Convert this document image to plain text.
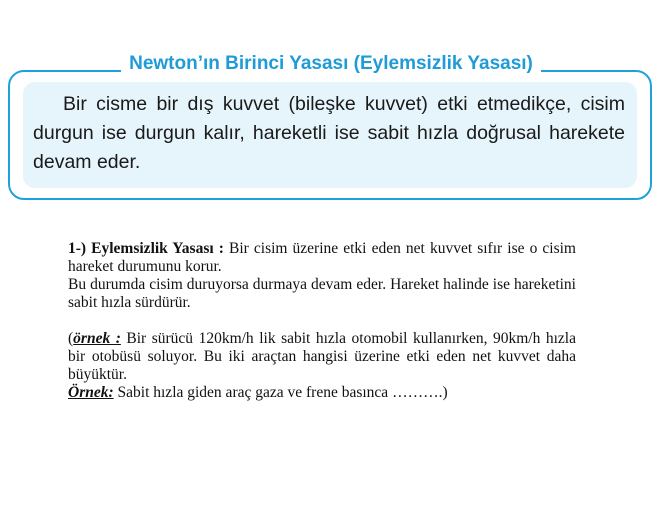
Newton’ın Birinci Yasası (Eylemsizlik Yasası)

Bir cisme bir dış kuvvet (bileşke kuvvet) etki etmedikçe, cisim durgun ise durgun kalır, hareketli ise sabit hızla doğrusal harekete devam eder.

1-) Eylemsizlik Yasası : Bir cisim üzerine etki eden net kuvvet sıfır ise o cisim hareket durumunu korur.

Bu durumda cisim duruyorsa durmaya devam eder. Hareket halinde ise hareketini sabit hızla sürdürür.

(örnek : Bir sürücü 120km/h lik sabit hızla otomobil kullanırken, 90km/h hızla bir otobüsü soluyor. Bu iki araçtan hangisi üzerine etki eden net kuvvet daha büyüktür.

Örnek: Sabit hızla giden araç gaza ve frene basınca ……….)
